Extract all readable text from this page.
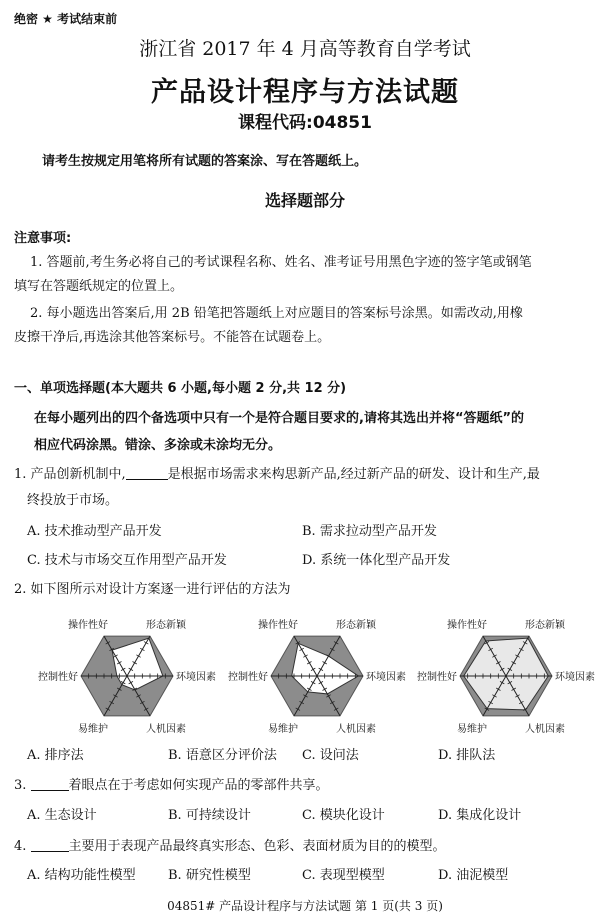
绝密 ★ 考试结束前
浙江省 2017 年 4 月高等教育自学考试
产品设计程序与方法试题
课程代码:04851
请考生按规定用笔将所有试题的答案涂、写在答题纸上。
选择题部分
注意事项:
1. 答题前,考生务必将自己的考试课程名称、姓名、准考证号用黑色字迹的签字笔或钢笔
填写在答题纸规定的位置上。
2. 每小题选出答案后,用 2B 铅笔把答题纸上对应题目的答案标号涂黑。如需改动,用橡
皮擦干净后,再选涂其他答案标号。不能答在试题卷上。
一、单项选择题(本大题共 6 小题,每小题 2 分,共 12 分)
在每小题列出的四个备选项中只有一个是符合题目要求的,请将其选出并将“答题纸”的
相应代码涂黑。错涂、多涂或未涂均无分。
1. 产品创新机制中,	是根据市场需求来构思新产品,经过新产品的研发、设计和生产,最
终投放于市场。
A. 技术推动型产品开发	B. 需求拉动型产品开发
C. 技术与市场交互作用型产品开发	D. 系统一体化型产品开发
2. 如下图所示对设计方案逐一进行评估的方法为
操作性好	形态新颖
控制性好	环境因素
易维护	人机因素
操作性好	形态新颖
控制性好	环境因素
易维护	人机因素
操作性好	形态新颖
控制性好	环境因素
易维护	人机因素
A. 排序法	B. 语意区分评价法 C. 设问法	D. 排队法
3.	着眼点在于考虑如何实现产品的零部件共享。
A. 生态设计	B. 可持续设计	C. 模块化设计	D. 集成化设计
4.	主要用于表现产品最终真实形态、色彩、表面材质为目的的模型。
A. 结构功能性模型 B. 研究性模型	C. 表现型模型	D. 油泥模型
04851# 产品设计程序与方法试题 第 1 页(共 3 页)
